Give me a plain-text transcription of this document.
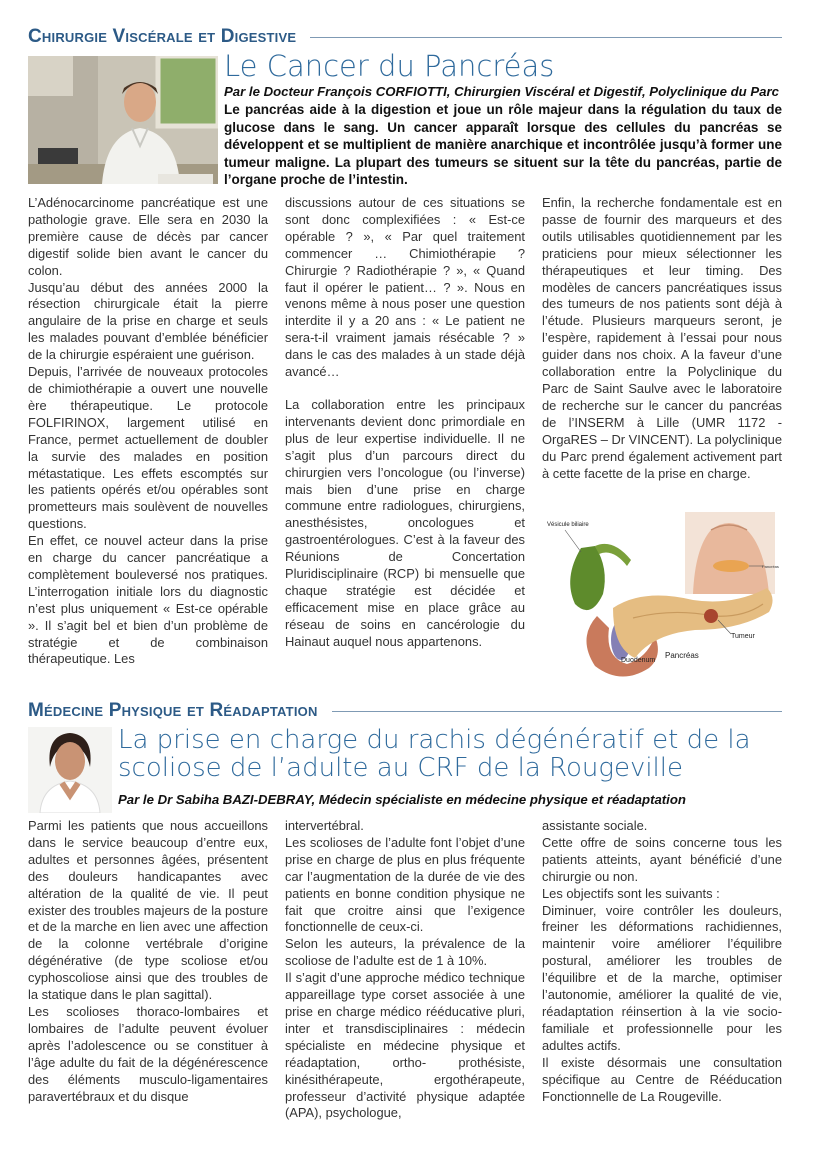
Chirurgie Viscérale et Digestive
Le Cancer du Pancréas
Par le Docteur François CORFIOTTI, Chirurgien Viscéral et Digestif, Polyclinique du Parc
Le pancréas aide à la digestion et joue un rôle majeur dans la régulation du taux de glucose dans le sang. Un cancer apparaît lorsque des cellules du pancréas se développent et se multiplient de manière anarchique et incontrôlée jusqu’à former une tumeur maligne. La plupart des tumeurs se situent sur la tête du pancréas, partie de l’organe proche de l’intestin.

L’Adénocarcinome pancréatique est une pathologie grave. Elle sera en 2030 la première cause de décès par cancer digestif solide bien avant le cancer du colon.

Jusqu’au début des années 2000 la résection chirurgicale était la pierre angulaire de la prise en charge et seuls les malades pouvant d’emblée bénéficier de la chirurgie espéraient une guérison.

Depuis, l’arrivée de nouveaux protocoles de chimiothérapie a ouvert une nouvelle ère thérapeutique. Le protocole FOLFIRINOX, largement utilisé en France, permet actuellement de doubler la survie des malades en position métastatique. Les effets escomptés sur les patients opérés et/ou opérables sont prometteurs mais soulèvent de nouvelles questions.

En effet, ce nouvel acteur dans la prise en charge du cancer pancréatique a complètement bouleversé nos pratiques. L’interrogation initiale lors du diagnostic n’est plus uniquement « Est-ce opérable ». Il s’agit bel et bien d’un problème de stratégie et de combinaison thérapeutique. Les

discussions autour de ces situations se sont donc complexifiées : « Est-ce opérable ? », « Par quel traitement commencer … Chimiothérapie ? Chirurgie ? Radiothérapie ? », « Quand faut il opérer le patient… ? ». Nous en venons même à nous poser une question interdite il y a 20 ans : « Le patient ne sera-t-il vraiment jamais résécable ? » dans le cas des malades à un stade déjà avancé…

La collaboration entre les principaux intervenants devient donc primordiale en plus de leur expertise individuelle. Il ne s’agit plus d’un parcours direct du chirurgien vers l’oncologue (ou l’inverse) mais bien d’une prise en charge commune entre radiologues, chirurgiens, anesthésistes, oncologues et gastroentérologues. C’est à la faveur des Réunions de Concertation Pluridisciplinaire (RCP) bi mensuelle que chaque stratégie est décidée et efficacement mise en place grâce au réseau de soins en cancérologie du Hainaut auquel nous appartenons.

Enfin, la recherche fondamentale est en passe de fournir des marqueurs et des outils utilisables quotidiennement par les praticiens pour mieux sélectionner les thérapeutiques et leur timing. Des modèles de cancers pancréatiques issus des tumeurs de nos patients sont déjà à l’étude. Plusieurs marqueurs seront, je l’espère, rapidement à l’essai pour nous guider dans nos choix. A la faveur d’une collaboration entre la Polyclinique du Parc de Saint Saulve avec le laboratoire de recherche sur le cancer du pancréas de l’INSERM à Lille (UMR 1172 - OrgaRES – Dr VINCENT). La polyclinique du Parc prend également activement part à cette facette de la prise en charge.

Pancréas
Vésicule biliaire
Tumeur
Duodenum
Pancréas
Médecine Physique et Réadaptation
La prise en charge du rachis dégénératif et de la
scoliose de l’adulte au CRF de la Rougeville
Par le Dr Sabiha BAZI-DEBRAY, Médecin spécialiste en médecine physique et réadaptation

Parmi les patients que nous accueillons dans le service beaucoup d’entre eux, adultes et personnes âgées, présentent des douleurs handicapantes avec altération de la qualité de vie. Il peut exister des troubles majeurs de la posture et de la marche en lien avec une affection de la colonne vertébrale d’origine dégénérative (de type scoliose et/ou cyphoscoliose ainsi que des troubles de la statique dans le plan sagittal).

Les scolioses thoraco-lombaires et lombaires de l’adulte peuvent évoluer après l’adolescence ou se constituer à l’âge adulte du fait de la dégénérescence des éléments musculo-ligamentaires paravertébraux et du disque

intervertébral.

Les scolioses de l’adulte font l’objet d’une prise en charge de plus en plus fréquente car l’augmentation de la durée de vie des patients en bonne condition physique ne fait que croitre ainsi que l’exigence fonctionnelle de ceux-ci.

Selon les auteurs, la prévalence de la scoliose de l’adulte est de 1 à 10%.

Il s’agit d’une approche médico technique appareillage type corset associée à une prise en charge médico rééducative pluri, inter et transdisciplinaires : médecin spécialiste en médecine physique et réadaptation, ortho- prothésiste, kinésithérapeute, ergothérapeute, professeur d’activité physique adaptée (APA), psychologue,

assistante sociale.

Cette offre de soins concerne tous les patients atteints, ayant bénéficié d’une chirurgie ou non.

Les objectifs sont les suivants :

Diminuer, voire contrôler les douleurs, freiner les déformations rachidiennes, maintenir voire améliorer l’équilibre postural, améliorer les troubles de l’équilibre et de la marche, optimiser l’autonomie, améliorer la qualité de vie, réadaptation réinsertion à la vie socio-familiale et professionnelle pour les adultes actifs.

Il existe désormais une consultation spécifique au Centre de Rééducation Fonctionnelle de La Rougeville.
